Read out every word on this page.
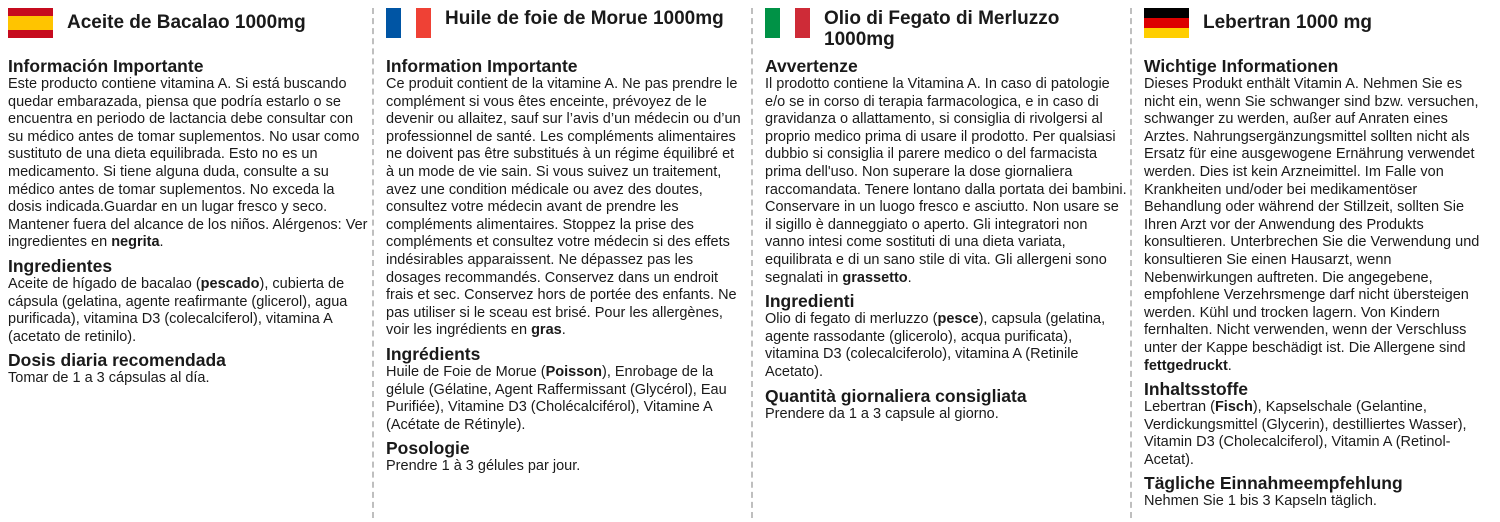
Aceite de Bacalao 1000mg
Información Importante
Este producto contiene vitamina A. Si está buscando quedar embarazada, piensa que podría estarlo o se encuentra en periodo de lactancia debe consultar con su médico antes de tomar suplementos. No usar como sustituto de una dieta equilibrada. Esto no es un medicamento. Si tiene alguna duda, consulte a su médico antes de tomar suplementos. No exceda la dosis indicada.Guardar en un lugar fresco y seco. Mantener fuera del alcance de los niños. Alérgenos: Ver ingredientes en negrita.
Ingredientes
Aceite de hígado de bacalao (pescado), cubierta de cápsula (gelatina, agente reafirmante (glicerol), agua purificada), vitamina D3 (colecalciferol), vitamina A (acetato de retinilo).
Dosis diaria recomendada
Tomar de 1 a 3 cápsulas al día.
Huile de foie de Morue 1000mg
Information Importante
Ce produit contient de la vitamine A. Ne pas prendre le complément si vous êtes enceinte, prévoyez de le devenir ou allaitez, sauf sur l’avis d’un médecin ou d’un professionnel de santé. Les compléments alimentaires ne doivent pas être substitués à un régime équilibré et à un mode de vie sain. Si vous suivez un traitement, avez une condition médicale ou avez des doutes, consultez votre médecin avant de prendre les compléments alimentaires. Stoppez la prise des compléments et consultez votre médecin si des effets indésirables apparaissent. Ne dépassez pas les dosages recommandés. Conservez dans un endroit frais et sec. Conservez hors de portée des enfants. Ne pas utiliser si le sceau est brisé. Pour les allergènes, voir les ingrédients en gras.
Ingrédients
Huile de Foie de Morue (Poisson), Enrobage de la gélule (Gélatine, Agent Raffermissant (Glycérol), Eau Purifiée), Vitamine D3 (Cholécalciférol), Vitamine A (Acétate de Rétinyle).
Posologie
Prendre 1 à 3 gélules par jour.
Olio di Fegato di Merluzzo 1000mg
Avvertenze
Il prodotto contiene la Vitamina A. In caso di patologie e/o se in corso di terapia farmacologica, e in caso di gravidanza o allattamento, si consiglia di rivolgersi al proprio medico prima di usare il prodotto. Per qualsiasi dubbio si consiglia il parere medico o del farmacista prima dell'uso. Non superare la dose giornaliera raccomandata. Tenere lontano dalla portata dei bambini. Conservare in un luogo fresco e asciutto. Non usare se il sigillo è danneggiato o aperto. Gli integratori non vanno intesi come sostituti di una dieta variata, equilibrata e di un sano stile di vita. Gli allergeni sono segnalati in grassetto.
Ingredienti
Olio di fegato di merluzzo (pesce), capsula (gelatina, agente rassodante (glicerolo), acqua purificata), vitamina D3 (colecalciferolo), vitamina A (Retinile Acetato).
Quantità giornaliera consigliata
Prendere da 1 a 3 capsule al giorno.
Lebertran 1000 mg
Wichtige Informationen
Dieses Produkt enthält Vitamin A. Nehmen Sie es nicht ein, wenn Sie schwanger sind bzw. versuchen, schwanger zu werden, außer auf Anraten eines Arztes. Nahrungsergänzungsmittel sollten nicht als Ersatz für eine ausgewogene Ernährung verwendet werden. Dies ist kein Arzneimittel. Im Falle von Krankheiten und/oder bei medikamentöser Behandlung oder während der Stillzeit, sollten Sie Ihren Arzt vor der Anwendung des Produkts konsultieren. Unterbrechen Sie die Verwendung und konsultieren Sie einen Hausarzt, wenn Nebenwirkungen auftreten. Die angegebene, empfohlene Verzehrsmenge darf nicht übersteigen werden. Kühl und trocken lagern. Von Kindern fernhalten. Nicht verwenden, wenn der Verschluss unter der Kappe beschädigt ist. Die Allergene sind fettgedruckt.
Inhaltsstoffe
Lebertran (Fisch), Kapselschale (Gelantine, Verdickungsmittel (Glycerin), destilliertes Wasser), Vitamin D3 (Cholecalciferol), Vitamin A (Retinol-Acetat).
Tägliche Einnahmeempfehlung
Nehmen Sie 1 bis 3 Kapseln täglich.
